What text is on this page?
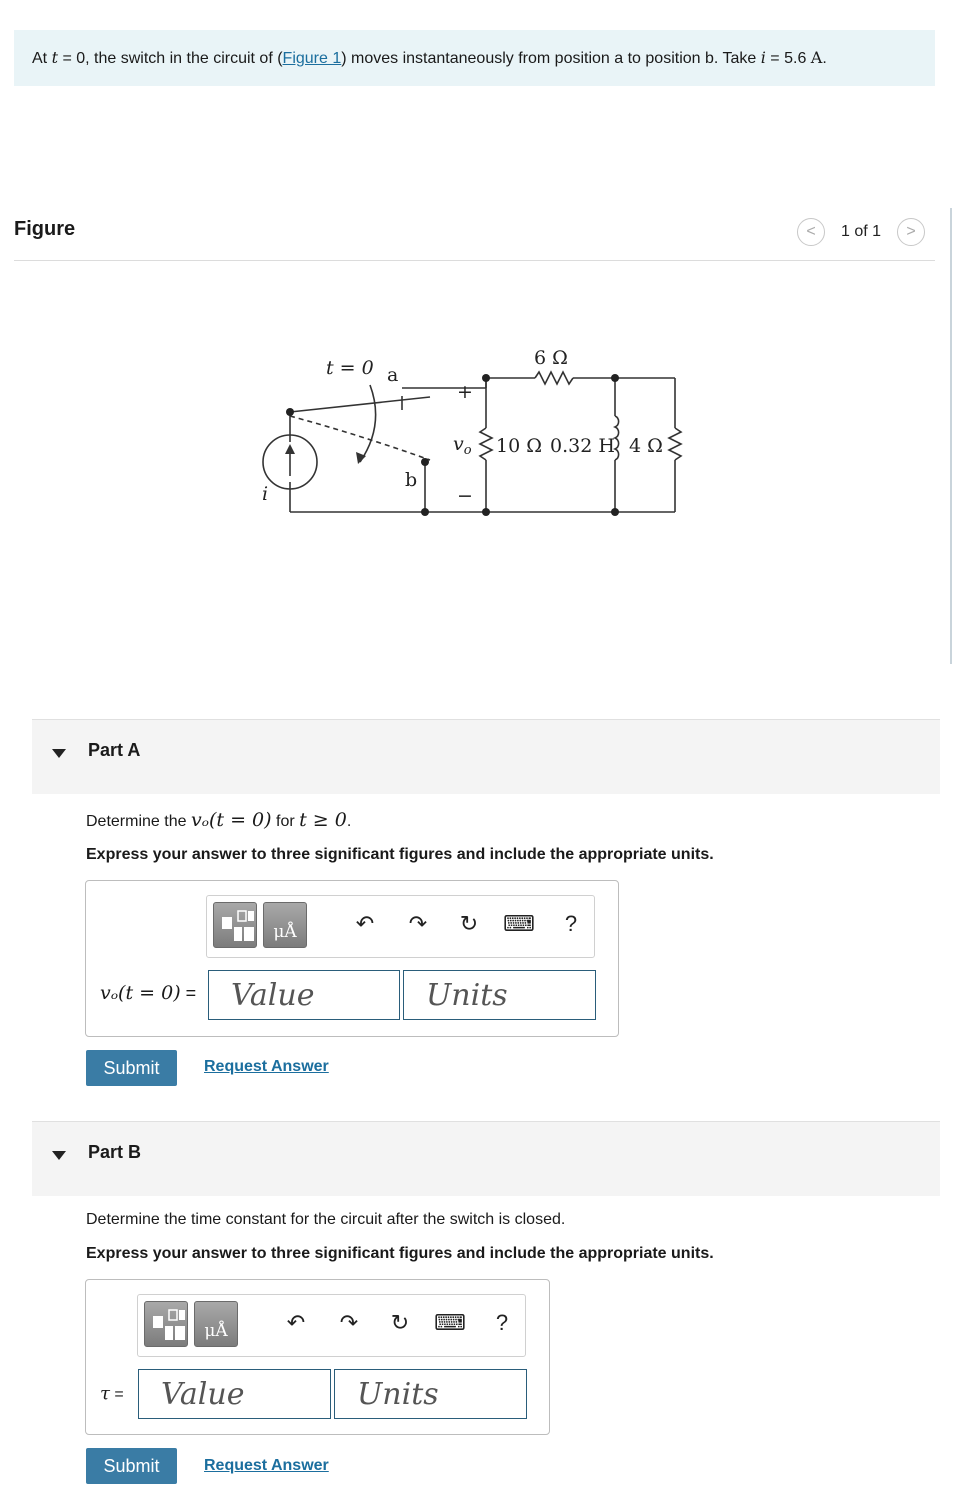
At t = 0, the switch in the circuit of (Figure 1) moves instantaneously from position a to position b. Take i = 5.6 A.
Figure	< 1 of 1 >
t = 0 a
b
i
+
−
$v_o$
6 Ω
10 Ω 0.32 H 4 Ω
Part A
Determine the vₒ(t = 0) for t ≥ 0.
Express your answer to three significant figures and include the appropriate units.
μÅ	↶ ↷ ↻ ⌨ ?
vₒ(t = 0) =	Value	Units
Submit	Request Answer
Part B
Determine the time constant for the circuit after the switch is closed.
Express your answer to three significant figures and include the appropriate units.
μÅ	↶ ↷ ↻ ⌨ ?
τ =	Value	Units
Submit	Request Answer
